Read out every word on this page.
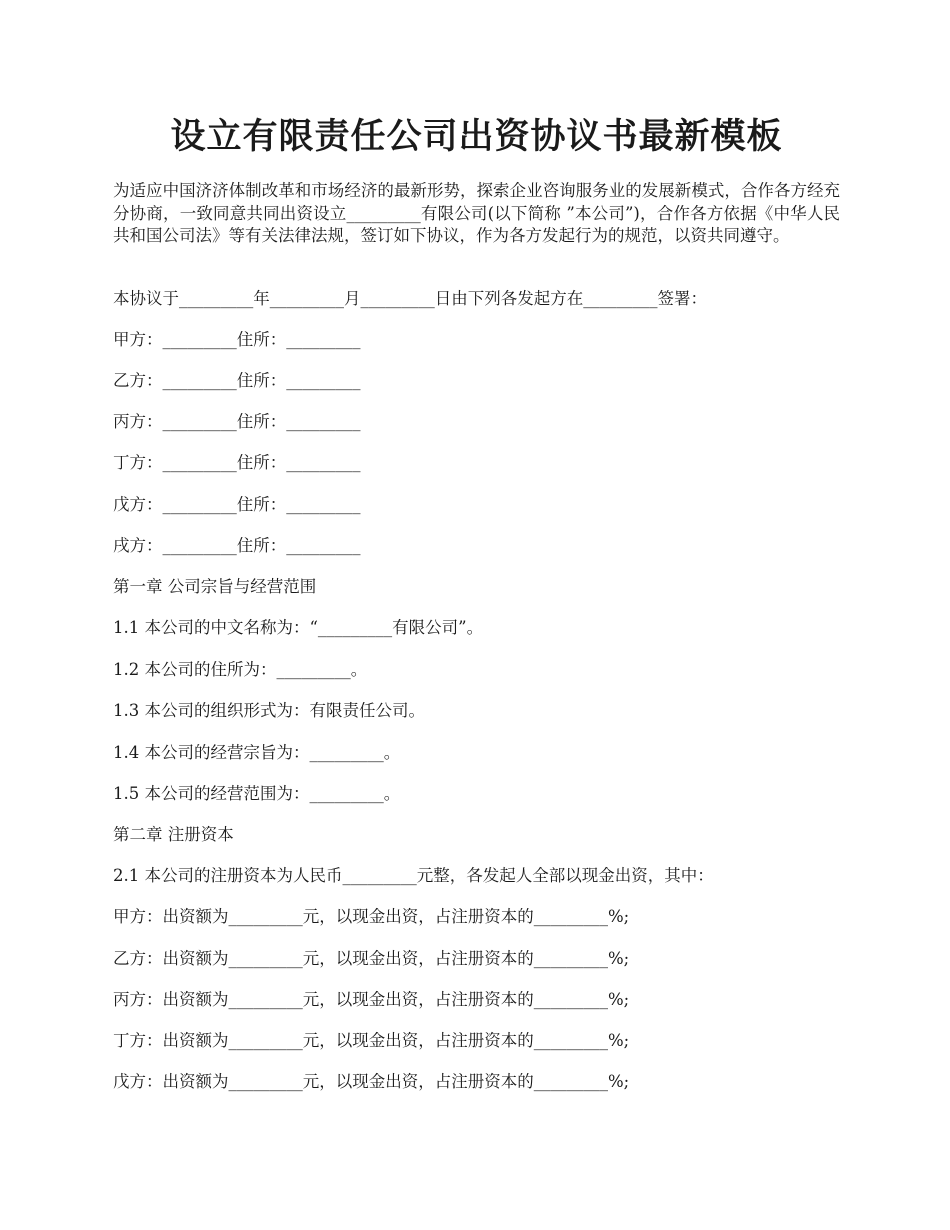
设立有限责任公司出资协议书最新模板

为适应中国济济体制改革和市场经济的最新形势，探索企业咨询服务业的发展新模式，合作各方经充分协商，一致同意共同出资设立_________有限公司(以下简称 ”本公司”)，合作各方依据《中华人民共和国公司法》等有关法律法规，签订如下协议，作为各方发起行为的规范，以资共同遵守。

本协议于_________年_________月_________日由下列各发起方在_________签署：

甲方：_________住所：_________

乙方：_________住所：_________

丙方：_________住所：_________

丁方：_________住所：_________

戊方：_________住所：_________

戌方：_________住所：_________

第一章 公司宗旨与经营范围

1.1 本公司的中文名称为：“_________有限公司”。

1.2 本公司的住所为：_________。

1.3 本公司的组织形式为：有限责任公司。

1.4 本公司的经营宗旨为：_________。

1.5 本公司的经营范围为：_________。

第二章 注册资本

2.1 本公司的注册资本为人民币_________元整，各发起人全部以现金出资，其中：

甲方：出资额为_________元，以现金出资，占注册资本的_________%;

乙方：出资额为_________元，以现金出资，占注册资本的_________%;

丙方：出资额为_________元，以现金出资，占注册资本的_________%;

丁方：出资额为_________元，以现金出资，占注册资本的_________%;

戊方：出资额为_________元，以现金出资，占注册资本的_________%;
